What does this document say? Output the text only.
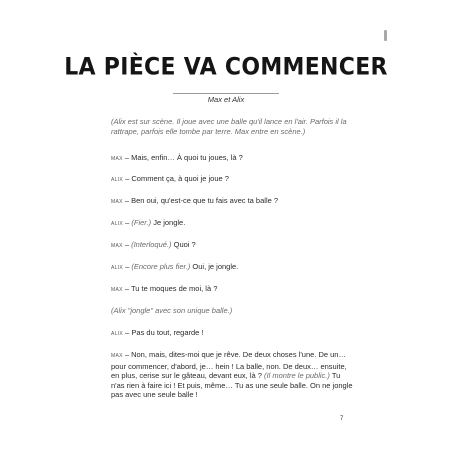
LA PIÈCE VA COMMENCER
Max et Alix
(Alix est sur scène. Il joue avec une balle qu'il lance en l'air. Parfois il la rattrape, parfois elle tombe par terre. Max entre en scène.)
MAX – Mais, enfin… À quoi tu joues, là ?
ALIX – Comment ça, à quoi je joue ?
MAX – Ben oui, qu'est-ce que tu fais avec ta balle ?
ALIX – (Fier.) Je jongle.
MAX – (Interloqué.) Quoi ?
ALIX – (Encore plus fier.) Oui, je jongle.
MAX – Tu te moques de moi, là ?
(Alix "jongle" avec son unique balle.)
ALIX – Pas du tout, regarde !
MAX – Non, mais, dites-moi que je rêve. De deux choses l'une. De un… pour commencer, d'abord, je… hein ! La balle, non. De deux… ensuite, en plus, cerise sur le gâteau, devant eux, là ? (Il montre le public.) Tu n'as rien à faire ici ! Et puis, même… Tu as une seule balle. On ne jongle pas avec une seule balle !
7
